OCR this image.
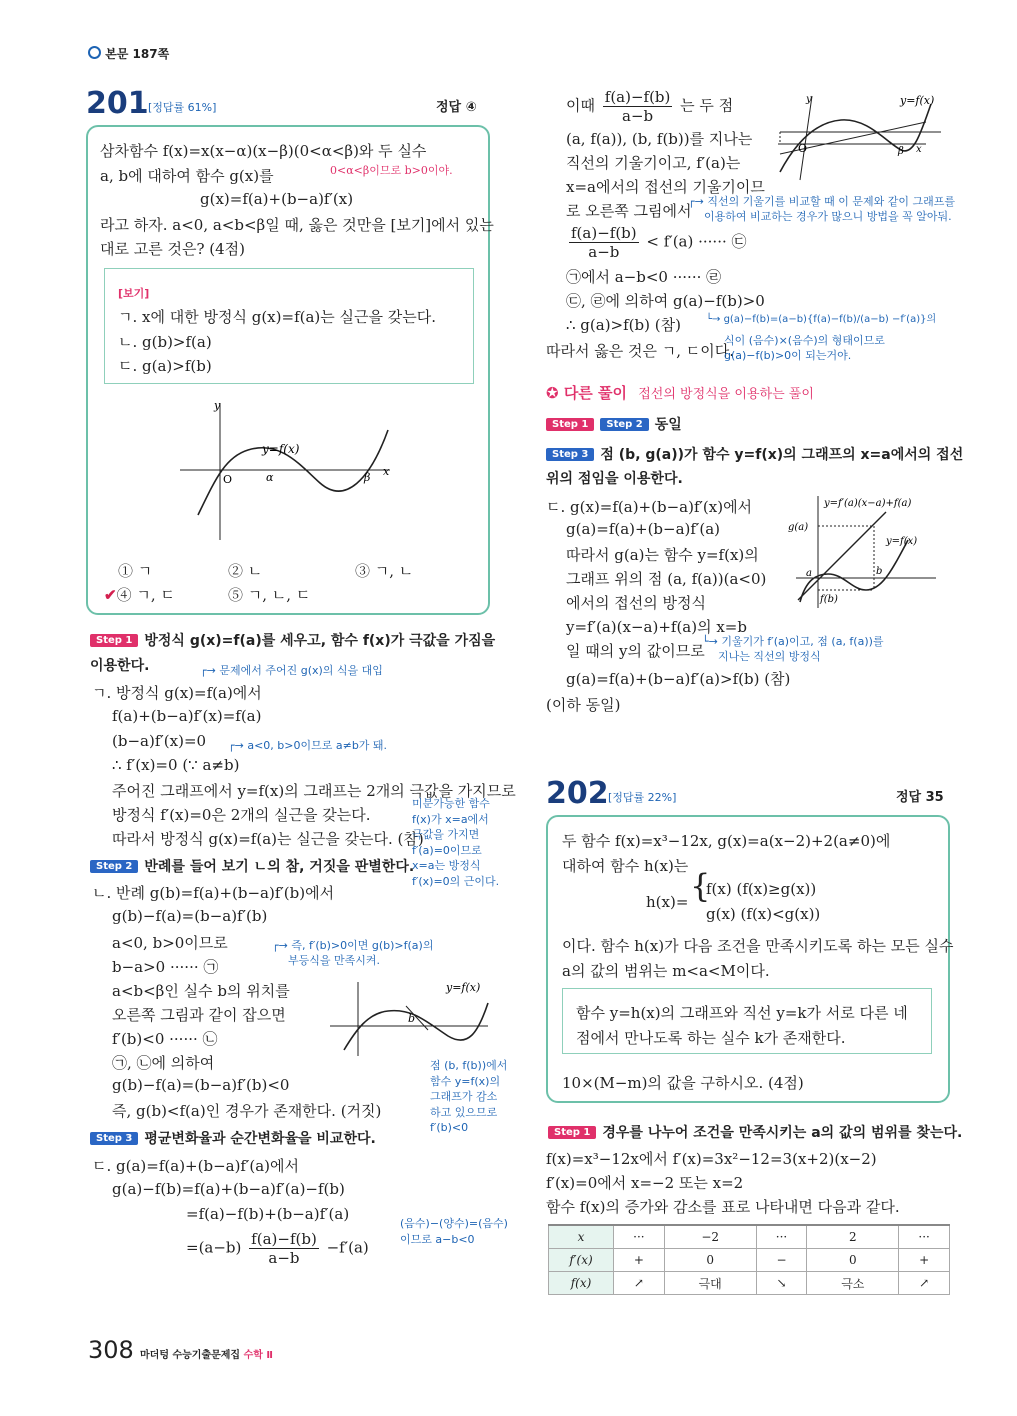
본문 187쪽
201 [정답률 61%]	정답 ④
삼차함수 f(x)=x(x−α)(x−β)(0<α<β)와 두 실수
0<α<β이므로 b>0이야.
a, b에 대하여 함수 g(x)를
g(x)=f(a)+(b−a)f′(x)
라고 하자. a<0, a<b<β일 때, 옳은 것만을 [보기]에서 있는
대로 고른 것은? (4점)
[보기]
ㄱ. x에 대한 방정식 g(x)=f(a)는 실근을 갖는다.
ㄴ. g(b)>f(a)
ㄷ. g(a)>f(b)
y
x
O	α	β
y=f(x)
① ㄱ	② ㄴ	③ ㄱ, ㄴ
✔④ ㄱ, ㄷ	⑤ ㄱ, ㄴ, ㄷ
Step 1 방정식 g(x)=f(a)를 세우고, 함수 f(x)가 극값을 가짐을
이용한다.	┌→ 문제에서 주어진 g(x)의 식을 대입
ㄱ. 방정식 g(x)=f(a)에서
f(a)+(b−a)f′(x)=f(a)
(b−a)f′(x)=0 ┌→ a<0, b>0이므로 a≠b가 돼.
∴ f′(x)=0 (∵ a≠b)
주어진 그래프에서 y=f(x)의 그래프는 2개의 극값을 가지므로
방정식 f′(x)=0은 2개의 실근을 갖는다.
따라서 방정식 g(x)=f(a)는 실근을 갖는다. (참)
미분가능한 함수
f(x)가 x=a에서
극값을 가지면
f′(a)=0이므로
x=a는 방정식
f′(x)=0의 근이다.
Step 2 반례를 들어 보기 ㄴ의 참, 거짓을 판별한다.
ㄴ. 반례 g(b)=f(a)+(b−a)f′(b)에서
g(b)−f(a)=(b−a)f′(b)
a<0, b>0이므로
b−a>0 ······ ㉠
┌→ 즉, f′(b)>0이면 g(b)>f(a)의
부등식을 만족시켜.
a<b<β인 실수 b의 위치를
오른쪽 그림과 같이 잡으면
f′(b)<0 ······ ㉡
㉠, ㉡에 의하여
g(b)−f(a)=(b−a)f′(b)<0
즉, g(b)<f(a)인 경우가 존재한다. (거짓)
b
y=f(x)
점 (b, f(b))에서
함수 y=f(x)의
그래프가 감소
하고 있으므로
f′(b)<0
Step 3 평균변화율과 순간변화율을 비교한다.
ㄷ. g(a)=f(a)+(b−a)f′(a)에서
g(a)−f(b)=f(a)+(b−a)f′(a)−f(b)
=f(a)−f(b)+(b−a)f′(a)
$=(a-b) \frac{f(a)-f(b)}{a-b} -f'(a)$
(음수)−(양수)=(음수)
이므로 a−b<0
이때 $\frac{f(a)-f(b)}{a-b}$ 는 두 점
(a, f(a)), (b, f(b))를 지나는
직선의 기울기이고, f′(a)는
x=a에서의 접선의 기울기이므
로 오른쪽 그림에서
┌→ 직선의 기울기를 비교할 때 이 문제와 같이 그래프를
이용하여 비교하는 경우가 많으니 방법을 꼭 알아둬.
$\frac{f(a)-f(b)}{a-b} < f'(a)$ ······ ㉢
㉠에서 a−b<0 ······ ㉣
㉢, ㉣에 의하여 g(a)−f(b)>0
∴ g(a)>f(b) (참)	└→ g(a)−f(b)=(a−b){f(a)−f(b)/(a−b) −f′(a)}의
따라서 옳은 것은 ㄱ, ㄷ이다.
식이 (음수)×(음수)의 형태이므로
g(a)−f(b)>0이 되는거야.
y
O	β x
y=f(x)
✪ 다른 풀이 접선의 방정식을 이용하는 풀이
Step 1 Step 2 동일
Step 3 점 (b, g(a))가 함수 y=f(x)의 그래프의 x=a에서의 접선
위의 점임을 이용한다.
ㄷ. g(x)=f(a)+(b−a)f′(x)에서
g(a)=f(a)+(b−a)f′(a)
따라서 g(a)는 함수 y=f(x)의
그래프 위의 점 (a, f(a))(a<0)
에서의 접선의 방정식
y=f′(a)(x−a)+f(a)의 x=b
일 때의 y의 값이므로
└→ 기울기가 f′(a)이고, 점 (a, f(a))를
지나는 직선의 방정식
g(a)=f(a)+(b−a)f′(a)>f(b) (참)
(이하 동일)
y=f′(a)(x−a)+f(a)
g(a)
y=f(x)
a	b
f(b)
202 [정답률 22%]	정답 35
두 함수 f(x)=x³−12x, g(x)=a(x−2)+2(a≠0)에
대하여 함수 h(x)는
h(x)= {
f(x) (f(x)≥g(x))
g(x) (f(x)<g(x))
이다. 함수 h(x)가 다음 조건을 만족시키도록 하는 모든 실수
a의 값의 범위는 m<a<M이다.
함수 y=h(x)의 그래프와 직선 y=k가 서로 다른 네
점에서 만나도록 하는 실수 k가 존재한다.
10×(M−m)의 값을 구하시오. (4점)
Step 1 경우를 나누어 조건을 만족시키는 a의 값의 범위를 찾는다.
f(x)=x³−12x에서 f′(x)=3x²−12=3(x+2)(x−2)
f′(x)=0에서 x=−2 또는 x=2
함수 f(x)의 증가와 감소를 표로 나타내면 다음과 같다.
x	···	−2	···	2	···
f′(x)	+	0	−	0	+
f(x)	↗	극대	↘	극소	↗
308 마더텅 수능기출문제집 수학 Ⅱ
